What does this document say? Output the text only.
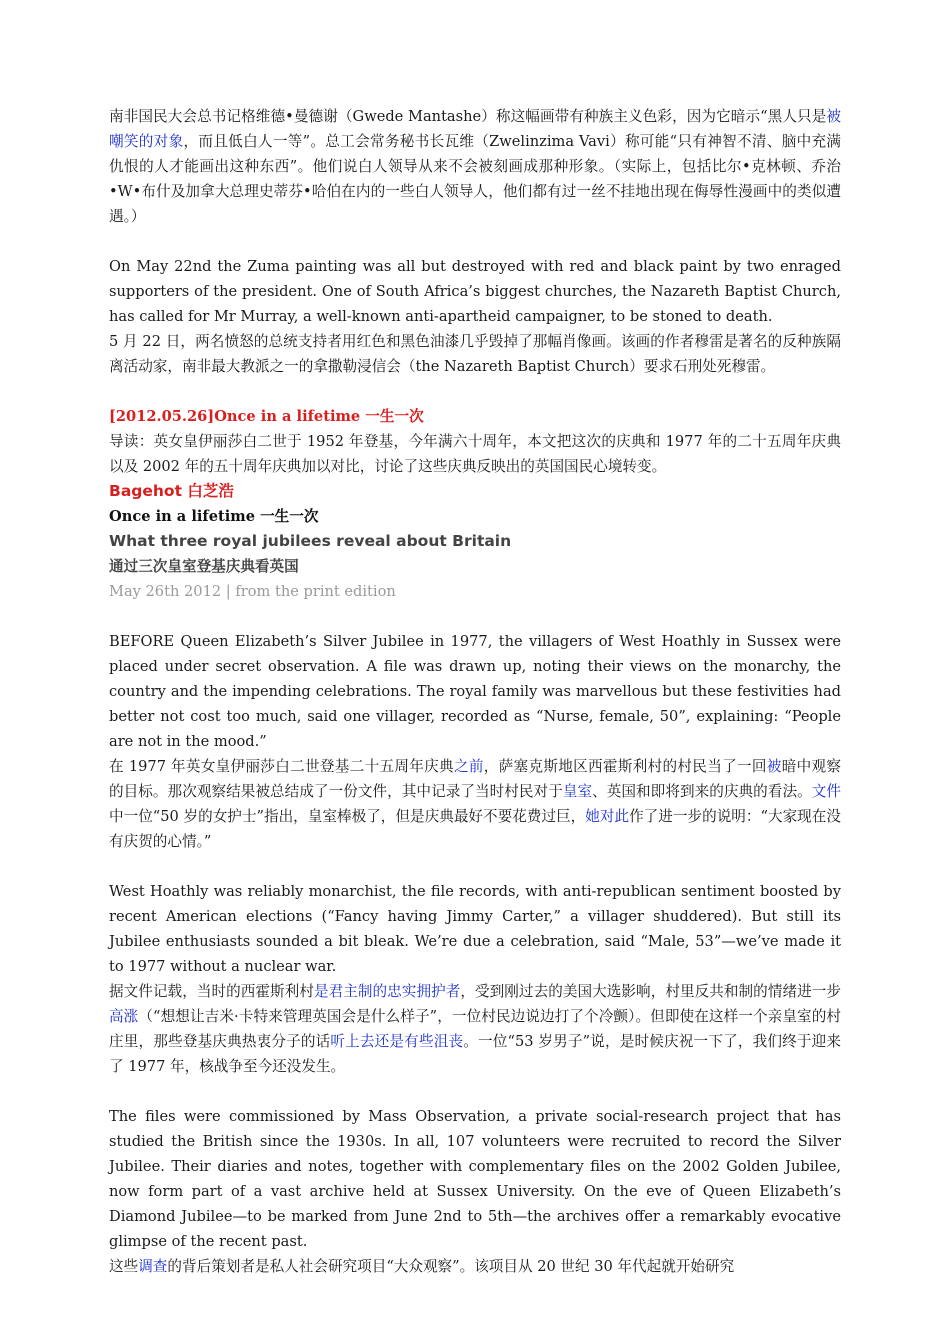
南非国民大会总书记格维德•曼德谢（Gwede Mantashe）称这幅画带有种族主义色彩，因为它暗示“黑人只是被嘲笑的对象，而且低白人一等”。总工会常务秘书长瓦维（Zwelinzima Vavi）称可能“只有神智不清、脑中充满仇恨的人才能画出这种东西”。他们说白人领导从来不会被刻画成那种形象。（实际上，包括比尔•克林顿、乔治•W•布什及加拿大总理史蒂芬•哈伯在内的一些白人领导人，他们都有过一丝不挂地出现在侮辱性漫画中的类似遭遇。）

On May 22nd the Zuma painting was all but destroyed with red and black paint by two enraged supporters of the president. One of South Africa’s biggest churches, the Nazareth Baptist Church, has called for Mr Murray, a well-known anti-apartheid campaigner, to be stoned to death.

5 月 22 日，两名愤怒的总统支持者用红色和黑色油漆几乎毁掉了那幅肖像画。该画的作者穆雷是著名的反种族隔离活动家，南非最大教派之一的拿撒勒浸信会（the Nazareth Baptist Church）要求石刑处死穆雷。

[2012.05.26]Once in a lifetime 一生一次

导读：英女皇伊丽莎白二世于 1952 年登基，今年满六十周年，本文把这次的庆典和 1977 年的二十五周年庆典以及 2002 年的五十周年庆典加以对比，讨论了这些庆典反映出的英国国民心境转变。

Bagehot 白芝浩

Once in a lifetime 一生一次

What three royal jubilees reveal about Britain

通过三次皇室登基庆典看英国

May 26th 2012 | from the print edition

BEFORE Queen Elizabeth’s Silver Jubilee in 1977, the villagers of West Hoathly in Sussex were placed under secret observation. A file was drawn up, noting their views on the monarchy, the country and the impending celebrations. The royal family was marvellous but these festivities had better not cost too much, said one villager, recorded as “Nurse, female, 50”, explaining: “People are not in the mood.”

在 1977 年英女皇伊丽莎白二世登基二十五周年庆典之前，萨塞克斯地区西霍斯利村的村民当了一回被暗中观察的目标。那次观察结果被总结成了一份文件，其中记录了当时村民对于皇室、英国和即将到来的庆典的看法。文件中一位“50 岁的女护士”指出，皇室棒极了，但是庆典最好不要花费过巨，她对此作了进一步的说明：“大家现在没有庆贺的心情。”

West Hoathly was reliably monarchist, the file records, with anti-republican sentiment boosted by recent American elections (“Fancy having Jimmy Carter,” a villager shuddered). But still its Jubilee enthusiasts sounded a bit bleak. We’re due a celebration, said “Male, 53”—we’ve made it to 1977 without a nuclear war.

据文件记载，当时的西霍斯利村是君主制的忠实拥护者，受到刚过去的美国大选影响，村里反共和制的情绪进一步高涨（“想想让吉米·卡特来管理英国会是什么样子”，一位村民边说边打了个冷颤）。但即使在这样一个亲皇室的村庄里，那些登基庆典热衷分子的话听上去还是有些沮丧。一位“53 岁男子”说，是时候庆祝一下了，我们终于迎来了 1977 年，核战争至今还没发生。

The files were commissioned by Mass Observation, a private social-research project that has studied the British since the 1930s. In all, 107 volunteers were recruited to record the Silver Jubilee. Their diaries and notes, together with complementary files on the 2002 Golden Jubilee, now form part of a vast archive held at Sussex University. On the eve of Queen Elizabeth’s Diamond Jubilee—to be marked from June 2nd to 5th—the archives offer a remarkably evocative glimpse of the recent past.

这些调查的背后策划者是私人社会研究项目“大众观察”。该项目从 20 世纪 30 年代起就开始研究
